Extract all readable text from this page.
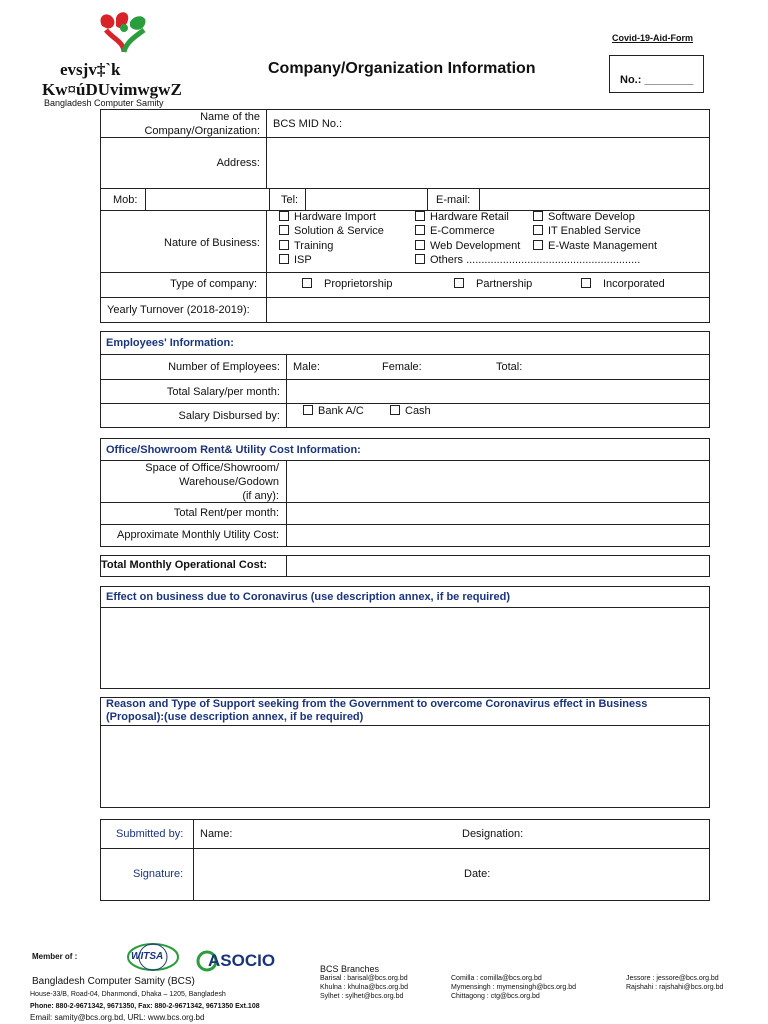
evsjv‡`k
Kw¤úDUvimwgwZ
Bangladesh Computer Samity
Company/Organization Information
Covid-19-Aid-Form
No.: ________
Name of the Company/Organization:
BCS MID No.:
Address:
Mob:	Tel:	E-mail:
Nature of Business:
Hardware Import
Solution & Service
Training
ISP
Hardware Retail
E-Commerce
Web Development
Others .........................................................
Software Develop
IT Enabled Service
E-Waste Management
Type of company:	Proprietorship	Partnership	Incorporated
Yearly Turnover (2018-2019):
Employees' Information:
Number of Employees: Male:	Female:	Total:
Total Salary/per month:
Salary Disbursed by:	Bank A/C	Cash
Office/Showroom Rent& Utility Cost Information:
Space of Office/Showroom/
Warehouse/Godown
(if any):
Total Rent/per month:
Approximate Monthly Utility Cost:
Total Monthly Operational Cost:
Effect on business due to Coronavirus (use description annex, if be required)
Reason and Type of Support seeking from the Government to overcome Coronavirus effect in Business
(Proposal):(use description annex, if be required)
Submitted by: Name:	Designation:
Signature:	Date:
Member of :	WITSA	ASOCIO
Bangladesh Computer Samity (BCS)
House-33/B, Road-04, Dhanmondi, Dhaka – 1205, Bangladesh
Phone: 880-2-9671342, 9671350, Fax: 880-2-9671342, 9671350 Ext.108
Email: samity@bcs.org.bd, URL: www.bcs.org.bd
BCS Branches
Barisal : barisal@bcs.org.bd
Khulna : khulna@bcs.org.bd
Sylhet : sylhet@bcs.org.bd
Comilla : comilla@bcs.org.bd
Mymensingh : mymensingh@bcs.org.bd
Chittagong : ctg@bcs.org.bd
Jessore : jessore@bcs.org.bd
Rajshahi : rajshahi@bcs.org.bd
